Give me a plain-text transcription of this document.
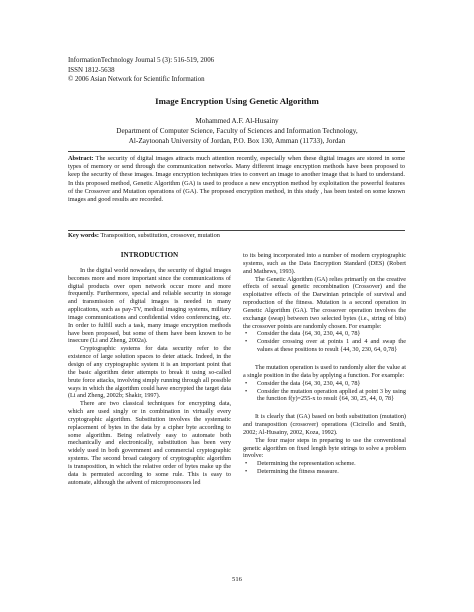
InformationTechnology Journal 5 (3): 516-519, 2006
ISSN 1812-5638
© 2006 Asian Network for Scientific Information
Image Encryption Using Genetic Algorithm
Mohammed A.F. Al-Husainy
Department of Computer Science, Faculty of Sciences and Information Technology,
Al-Zaytoonah University of Jordan, P.O. Box 130, Amman (11733), Jordan
Abstract: The security of digital images attracts much attention recently, especially when these digital images are stored in some types of memory or send through the communication networks. Many different image encryption methods have been proposed to keep the security of these images. Image encryption techniques tries to convert an image to another image that is hard to understand. In this proposed method, Genetic Algorithm (GA) is used to produce a new encryption method by exploitation the powerful features of the Crossover and Mutation operations of (GA). The proposed encryption method, in this study , has been tested on some known images and good results are recorded.
Key words: Transposition, substitution, crossover, mutation
INTRODUCTION

In the digital world nowadays, the security of digital images becomes more and more important since the communications of digital products over open network occur more and more frequently. Furthermore, special and reliable security in storage and transmission of digital images is needed in many applications, such as pay-TV, medical imaging systems, military image communications and confidential video conferencing, etc. In order to fulfill such a task, many image encryption methods have been proposed, but some of them have been known to be insecure (Li and Zheng, 2002a).

Cryptographic systems for data security refer to the existence of large solution spaces to deter attack. Indeed, in the design of any cryptographic system it is an important point that the basic algorithm deter attempts to break it using so-called brute force attacks, involving simply running through all possible ways in which the algorithm could have encrypted the target data (Li and Zheng, 2002b; Shakir, 1997).

There are two classical techniques for encrypting data, which are used singly or in combination in virtually every cryptographic algorithm. Substitution involves the systematic replacement of bytes in the data by a cipher byte according to some algorithm. Being relatively easy to automate both mechanically and electronically, substitution has been very widely used in both government and commercial cryptographic systems. The second broad category of cryptographic algorithm is transposition, in which the relative order of bytes make up the data is permuted according to some rule. This is easy to automate, although the advent of microprocessors led

to its being incorporated into a number of modern cryptographic systems, such as the Data Encryption Standard (DES) (Robert and Mathews, 1993).

The Genetic Algorithm (GA) relies primarily on the creative effects of sexual genetic recombination (Crossover) and the exploitative effects of the Darwinian principle of survival and reproduction of the fitness. Mutation is a second operation in Genetic Algorithm (GA). The crossover operation involves the exchange (swap) between two selected bytes (i.e., string of bits) the crossover points are randomly chosen. For example:

• Consider the data {64, 30, 230, 44, 0, 78}
• Consider crossing over at points 1 and 4 and swap the values at these positions to result {44, 30, 230, 64, 0,78}

The mutation operation is used to randomly alter the value at a single position in the data by applying a function. For example:

• Consider the data {64, 30, 230, 44, 0, 78}
• Consider the mutation operation applied at point 3 by using the function f(y)=255-x to result {64, 30, 25, 44, 0, 78}

It is clearly that (GA) based on both substitution (mutation) and transposition (crossover) operations (Cicirello and Smith, 2002; Al-Husainy, 2002, Koza, 1992).

The four major steps in preparing to use the conventional genetic algorithm on fixed length byte strings to solve a problem involve:

• Determining the representation scheme.
• Determining the fitness measure.
516
